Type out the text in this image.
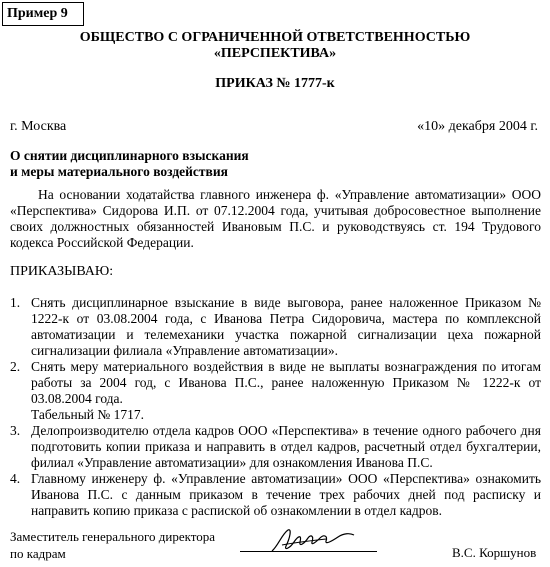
Пример 9
ОБЩЕСТВО С ОГРАНИЧЕННОЙ ОТВЕТСТВЕННОСТЬЮ
«ПЕРСПЕКТИВА»
ПРИКАЗ № 1777-к
г. Москва	«10» декабря 2004 г.
О снятии дисциплинарного взыскания
и меры материального воздействия
На основании ходатайства главного инженера ф. «Управление автоматизации» ООО «Перспектива» Сидорова И.П. от 07.12.2004 года, учитывая добросовестное выполнение своих должностных обязанностей Ивановым П.С. и руководствуясь ст. 194 Трудового кодекса Российской Федерации.
ПРИКАЗЫВАЮ:
1. Снять дисциплинарное взыскание в виде выговора, ранее наложенное Приказом № 1222-к от 03.08.2004 года, с Иванова Петра Сидоровича, мастера по комплексной автоматизации и телемеханики участка пожарной сигнализации цеха пожарной сигнализации филиала «Управление автоматизации».
2. Снять меру материального воздействия в виде не выплаты вознаграждения по итогам работы за 2004 год, с Иванова П.С., ранее наложенную Приказом № 1222-к от 03.08.2004 года.
Табельный № 1717.
3. Делопроизводителю отдела кадров ООО «Перспектива» в течение одного рабочего дня подготовить копии приказа и направить в отдел кадров, расчетный отдел бухгалтерии, филиал «Управление автоматизации» для ознакомления Иванова П.С.
4. Главному инженеру ф. «Управление автоматизации» ООО «Перспектива» ознакомить Иванова П.С. с данным приказом в течение трех рабочих дней под расписку и направить копию приказа с распиской об ознакомлении в отдел кадров.
Заместитель генерального директора
по кадрам	В.С. Коршунов
